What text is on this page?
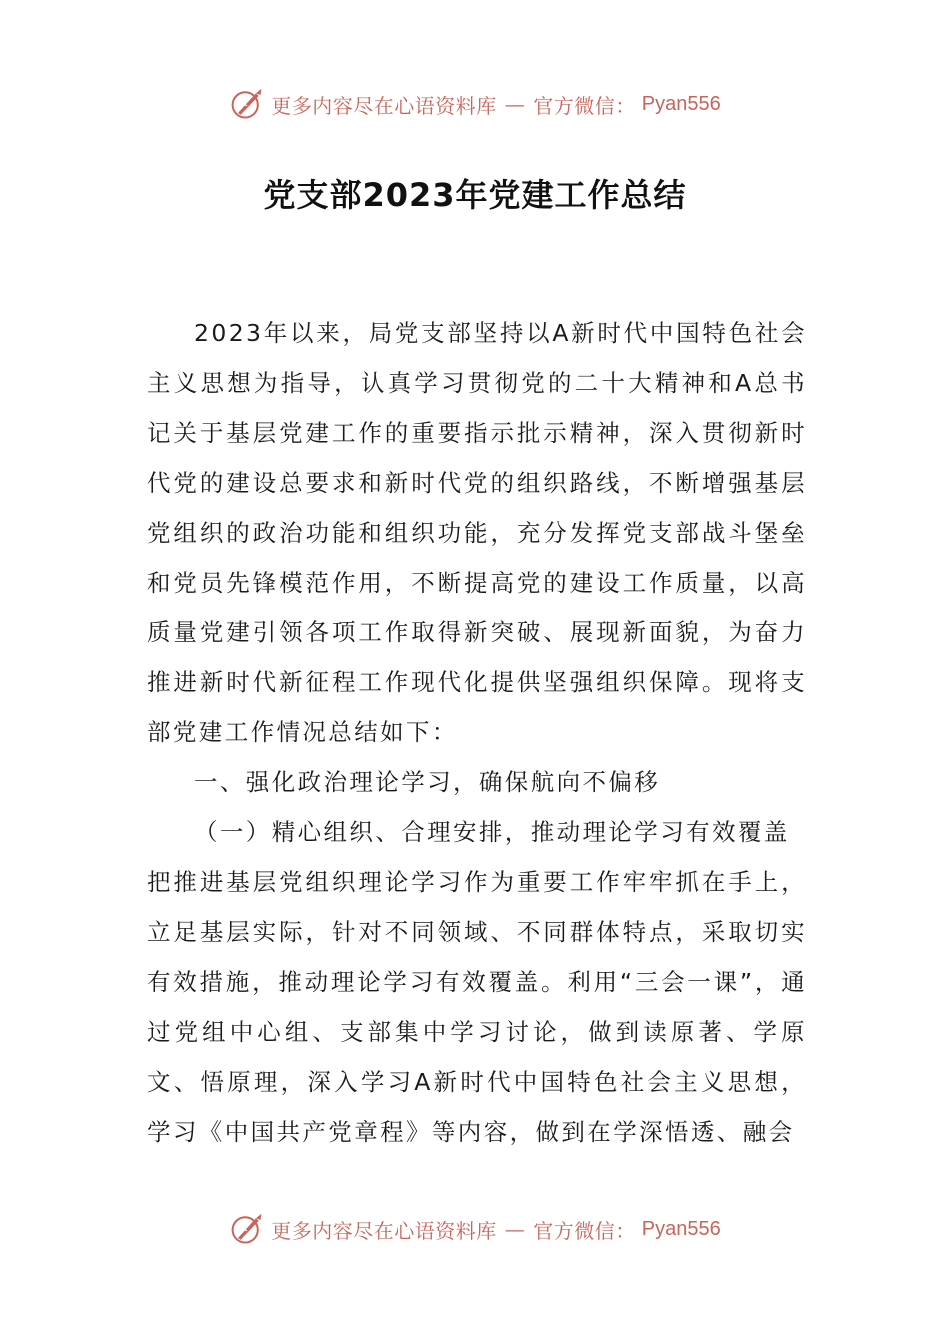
更多内容尽在心语资料库 — 官方微信： Pyan556
党支部2023年党建工作总结

2023年以来，局党支部坚持以A新时代中国特色社会主义思想为指导，认真学习贯彻党的二十大精神和A总书记关于基层党建工作的重要指示批示精神，深入贯彻新时代党的建设总要求和新时代党的组织路线，不断增强基层党组织的政治功能和组织功能，充分发挥党支部战斗堡垒和党员先锋模范作用，不断提高党的建设工作质量，以高质量党建引领各项工作取得新突破、展现新面貌，为奋力推进新时代新征程工作现代化提供坚强组织保障。现将支部党建工作情况总结如下：

一、强化政治理论学习，确保航向不偏移

（一）精心组织、合理安排，推动理论学习有效覆盖

把推进基层党组织理论学习作为重要工作牢牢抓在手上，立足基层实际，针对不同领域、不同群体特点，采取切实有效措施，推动理论学习有效覆盖。利用“三会一课”，通过党组中心组、支部集中学习讨论，做到读原著、学原文、悟原理，深入学习A新时代中国特色社会主义思想，学习《中国共产党章程》等内容，做到在学深悟透、融会

更多内容尽在心语资料库 — 官方微信： Pyan556
